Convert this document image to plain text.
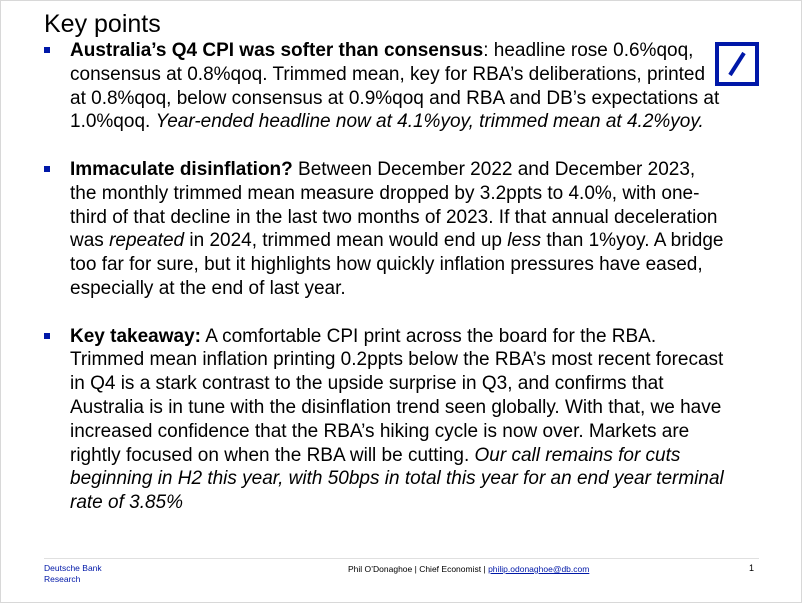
Key points
Australia’s Q4 CPI was softer than consensus: headline rose 0.6%qoq, consensus at 0.8%qoq. Trimmed mean, key for RBA’s deliberations, printed at 0.8%qoq, below consensus at 0.9%qoq and RBA and DB’s expectations at 1.0%qoq. Year-ended headline now at 4.1%yoy, trimmed mean at 4.2%yoy.
Immaculate disinflation? Between December 2022 and December 2023, the monthly trimmed mean measure dropped by 3.2ppts to 4.0%, with one-third of that decline in the last two months of 2023. If that annual deceleration was repeated in 2024, trimmed mean would end up less than 1%yoy. A bridge too far for sure, but it highlights how quickly inflation pressures have eased, especially at the end of last year.
Key takeaway: A comfortable CPI print across the board for the RBA. Trimmed mean inflation printing 0.2ppts below the RBA’s most recent forecast in Q4 is a stark contrast to the upside surprise in Q3, and confirms that Australia is in tune with the disinflation trend seen globally. With that, we have increased confidence that the RBA’s hiking cycle is now over. Markets are rightly focused on when the RBA will be cutting. Our call remains for cuts beginning in H2 this year, with 50bps in total this year for an end year terminal rate of 3.85%
Deutsche Bank
Research
Phil O’Donaghoe | Chief Economist | philip.odonaghoe@db.com	1
